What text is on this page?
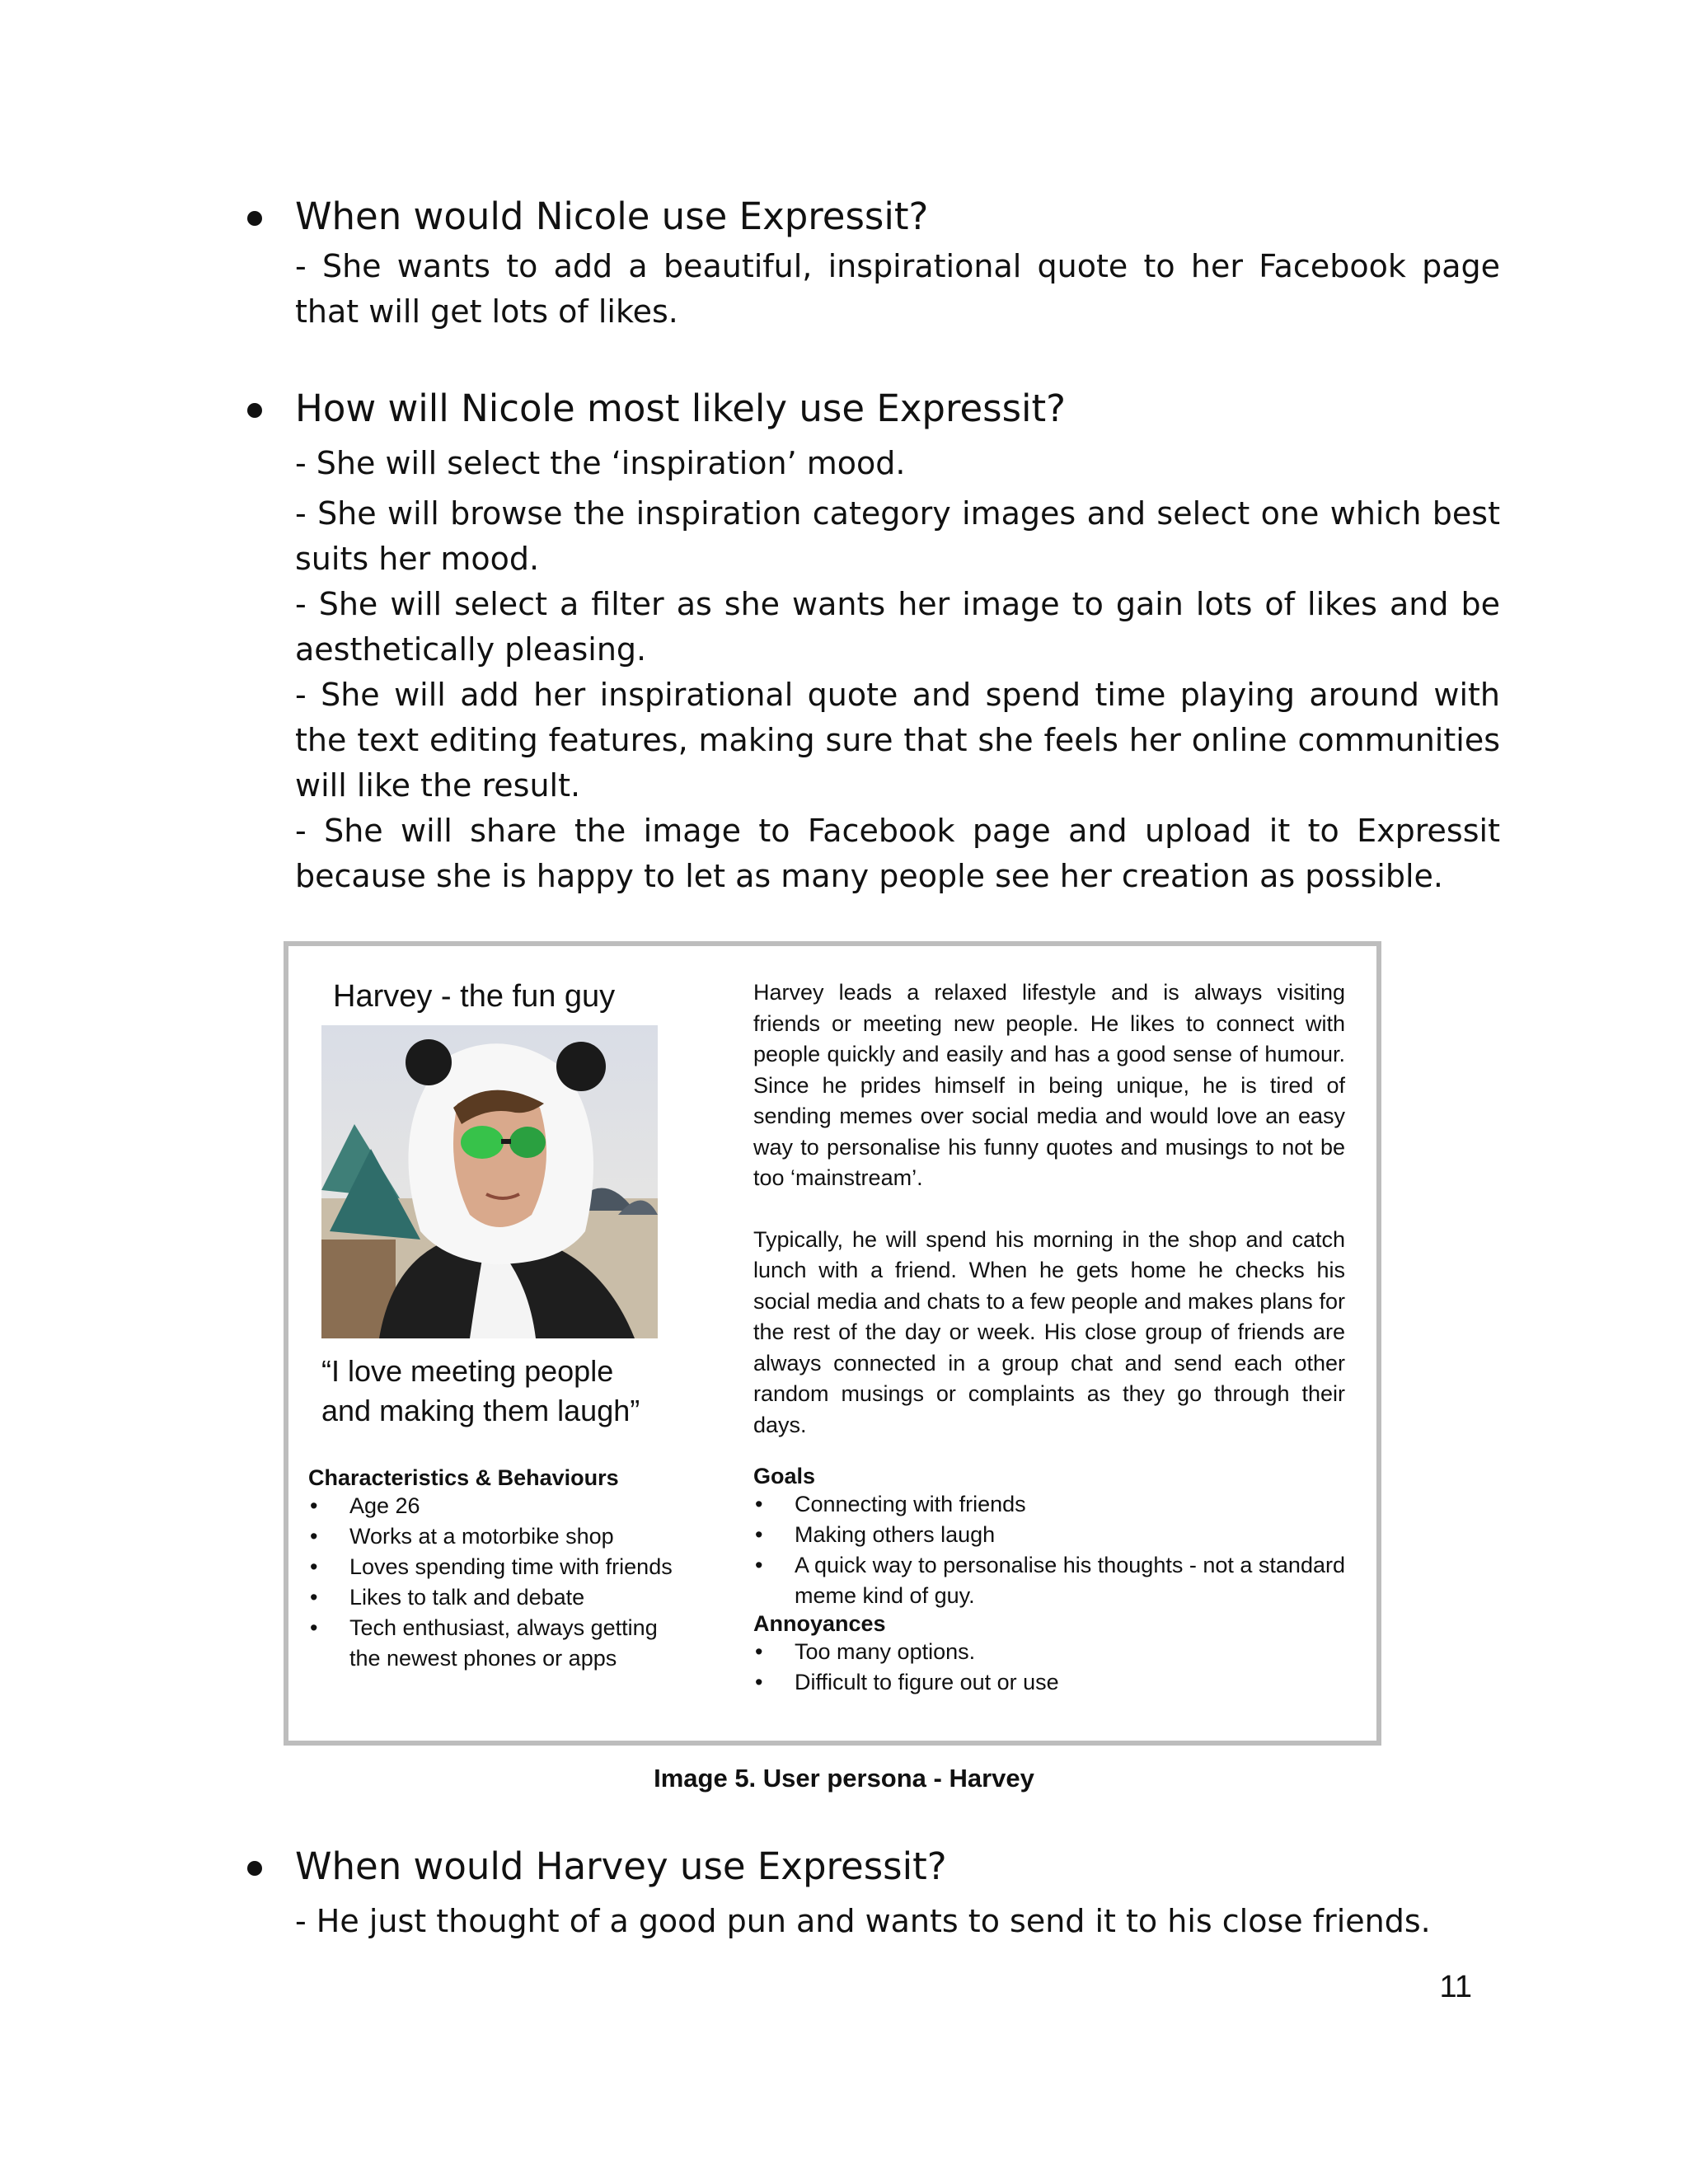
When would Nicole use Expressit?
- She wants to add a beautiful, inspirational quote to her Facebook page that will get lots of likes.
How will Nicole most likely use Expressit?
- She will select the ‘inspiration’ mood.
- She will browse the inspiration category images and select one which best suits her mood.
- She will select a filter as she wants her image to gain lots of likes and be aesthetically pleasing.
- She will add her inspirational quote and spend time playing around with the text editing features, making sure that she feels her online communities will like the result.
- She will share the image to Facebook page and upload it to Expressit because she is happy to let as many people see her creation as possible.
Harvey - the fun guy
“I love meeting people and making them laugh”
Characteristics & Behaviours
• Age 26
• Works at a motorbike shop
• Loves spending time with friends
• Likes to talk and debate
• Tech enthusiast, always getting the newest phones or apps

Harvey leads a relaxed lifestyle and is always visiting friends or meeting new people. He likes to connect with people quickly and easily and has a good sense of humour. Since he prides himself in being unique, he is tired of sending memes over social media and would love an easy way to personalise his funny quotes and musings to not be too ‘mainstream’.

Typically, he will spend his morning in the shop and catch lunch with a friend. When he gets home he checks his social media and chats to a few people and makes plans for the rest of the day or week. His close group of friends are always connected in a group chat and send each other random musings or complaints as they go through their days.

Goals
• Connecting with friends
• Making others laugh
• A quick way to personalise his thoughts - not a standard meme kind of guy.
Annoyances
• Too many options.
• Difficult to figure out or use
Image 5. User persona - Harvey
When would Harvey use Expressit?
- He just thought of a good pun and wants to send it to his close friends.
11
